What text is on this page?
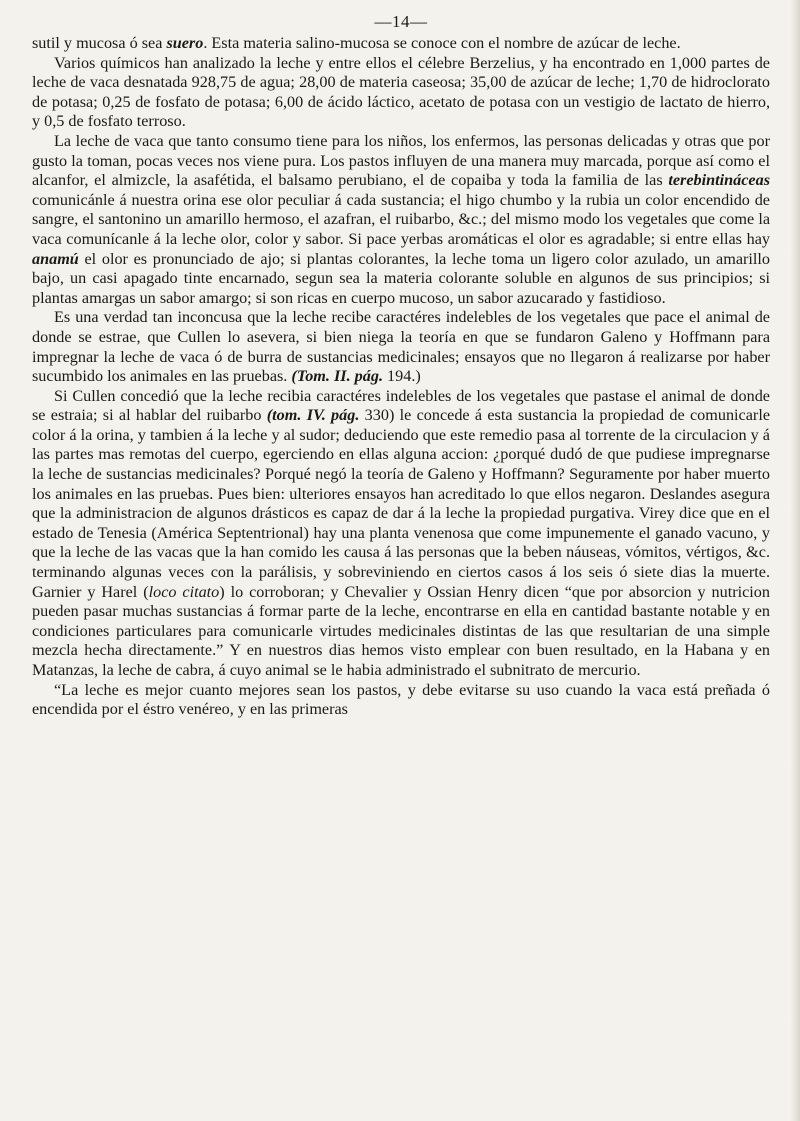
—14—

sutil y mucosa ó sea suero. Esta materia salino-mucosa se conoce con el nombre de azúcar de leche.

Varios químicos han analizado la leche y entre ellos el célebre Berzelius, y ha encontrado en 1,000 partes de leche de vaca desnatada 928,75 de agua; 28,00 de materia caseosa; 35,00 de azúcar de leche; 1,70 de hidroclorato de potasa; 0,25 de fosfato de potasa; 6,00 de ácido láctico, acetato de potasa con un vestigio de lactato de hierro, y 0,5 de fosfato terroso.

La leche de vaca que tanto consumo tiene para los niños, los enfermos, las personas delicadas y otras que por gusto la toman, pocas veces nos viene pura. Los pastos influyen de una manera muy marcada, porque así como el alcanfor, el almizcle, la asafétida, el balsamo perubiano, el de copaiba y toda la familia de las terebintináceas comunicánle á nuestra orina ese olor peculiar á cada sustancia; el higo chumbo y la rubia un color encendido de sangre, el santonino un amarillo hermoso, el azafran, el ruibarbo, &c.; del mismo modo los vegetales que come la vaca comunícanle á la leche olor, color y sabor. Si pace yerbas aromáticas el olor es agradable; si entre ellas hay anamú el olor es pronunciado de ajo; si plantas colorantes, la leche toma un ligero color azulado, un amarillo bajo, un casi apagado tinte encarnado, segun sea la materia colorante soluble en algunos de sus principios; si plantas amargas un sabor amargo; si son ricas en cuerpo mucoso, un sabor azucarado y fastidioso.

Es una verdad tan inconcusa que la leche recibe caractéres indelebles de los vegetales que pace el animal de donde se estrae, que Cullen lo asevera, si bien niega la teoría en que se fundaron Galeno y Hoffmann para impregnar la leche de vaca ó de burra de sustancias medicinales; ensayos que no llegaron á realizarse por haber sucumbido los animales en las pruebas. (Tom. II. pág. 194.)

Si Cullen concedió que la leche recibia caractéres indelebles de los vegetales que pastase el animal de donde se estraia; si al hablar del ruibarbo (tom. IV. pág. 330) le concede á esta sustancia la propiedad de comunicarle color á la orina, y tambien á la leche y al sudor; deduciendo que este remedio pasa al torrente de la circulacion y á las partes mas remotas del cuerpo, egerciendo en ellas alguna accion: ¿porqué dudó de que pudiese impregnarse la leche de sustancias medicinales? Porqué negó la teoría de Galeno y Hoffmann? Seguramente por haber muerto los animales en las pruebas. Pues bien: ulteriores ensayos han acreditado lo que ellos negaron. Deslandes asegura que la administracion de algunos drásticos es capaz de dar á la leche la propiedad purgativa. Virey dice que en el estado de Tenesia (América Septentrional) hay una planta venenosa que come impunemente el ganado vacuno, y que la leche de las vacas que la han comido les causa á las personas que la beben náuseas, vómitos, vértigos, &c. terminando algunas veces con la parálisis, y sobreviniendo en ciertos casos á los seis ó siete dias la muerte. Garnier y Harel (loco citato) lo corroboran; y Chevalier y Ossian Henry dicen “que por absorcion y nutricion pueden pasar muchas sustancias á formar parte de la leche, encontrarse en ella en cantidad bastante notable y en condiciones particulares para comunicarle virtudes medicinales distintas de las que resultarian de una simple mezcla hecha directamente.” Y en nuestros dias hemos visto emplear con buen resultado, en la Habana y en Matanzas, la leche de cabra, á cuyo animal se le habia administrado el subnitrato de mercurio.

“La leche es mejor cuanto mejores sean los pastos, y debe evitarse su uso cuando la vaca está preñada ó encendida por el éstro venéreo, y en las primeras
